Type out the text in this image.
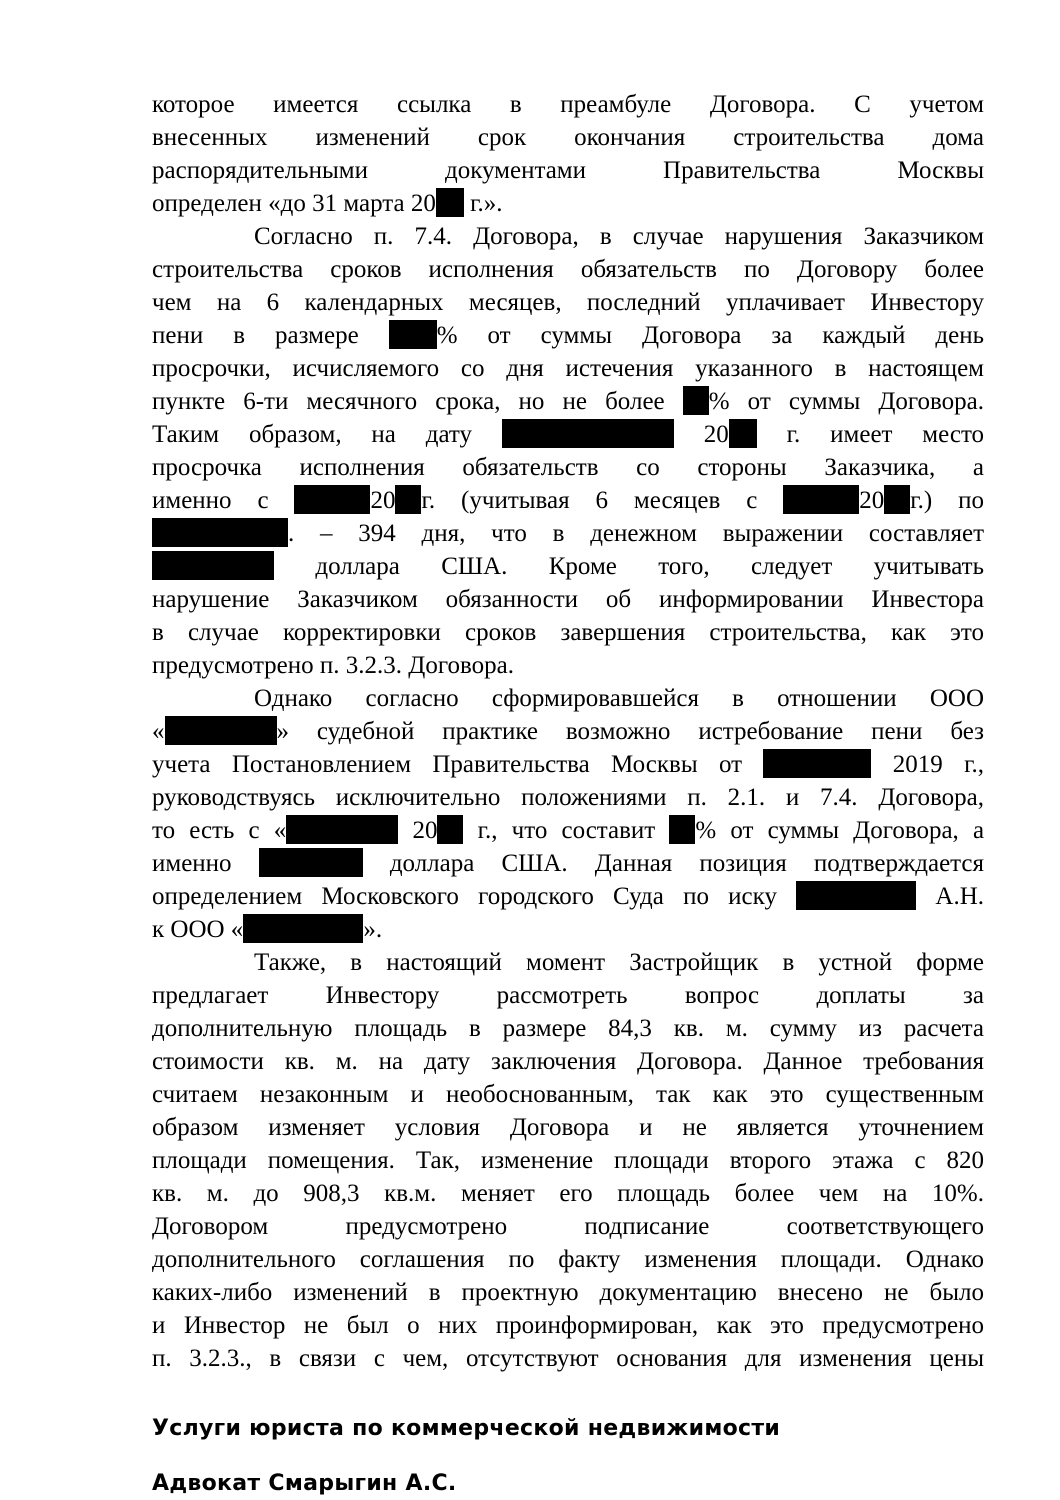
которое имеется ссылка в преамбуле Договора. С учетом
внесенных изменений срок окончания строительства дома
распорядительными документами Правительства Москвы
определен «до 31 марта 20 г.».
Согласно п. 7.4. Договора, в случае нарушения Заказчиком
строительства сроков исполнения обязательств по Договору более
чем на 6 календарных месяцев, последний уплачивает Инвестору
пени в размере	% от суммы Договора за каждый день
просрочки, исчисляемого со дня истечения указанного в настоящем
пункте 6-ти месячного срока, но не более % от суммы Договора.
Таким образом, на дату	20 г. имеет место
просрочка исполнения обязательств со стороны Заказчика, а
именно с	20 г. (учитывая 6 месяцев с	20 г.) по
. – 394 дня, что в денежном выражении составляет
доллара США. Кроме того, следует учитывать
нарушение Заказчиком обязанности об информировании Инвестора
в случае корректировки сроков завершения строительства, как это
предусмотрено п. 3.2.3. Договора.
Однако согласно сформировавшейся в отношении ООО
«	» судебной практике возможно истребование пени без
учета Постановлением Правительства Москвы от	2019 г.,
руководствуясь исключительно положениями п. 2.1. и 7.4. Договора,
то есть с «	20 г., что составит % от суммы Договора, а
именно	доллара США. Данная позиция подтверждается
определением Московского городского Суда по иску	А.Н.
к ООО «	».
Также, в настоящий момент Застройщик в устной форме
предлагает Инвестору рассмотреть вопрос доплаты за
дополнительную площадь в размере 84,3 кв. м. сумму из расчета
стоимости кв. м. на дату заключения Договора. Данное требования
считаем незаконным и необоснованным, так как это существенным
образом изменяет условия Договора и не является уточнением
площади помещения. Так, изменение площади второго этажа с 820
кв. м. до 908,3 кв.м. меняет его площадь более чем на 10%.
Договором предусмотрено подписание соответствующего
дополнительного соглашения по факту изменения площади. Однако
каких-либо изменений в проектную документацию внесено не было
и Инвестор не был о них проинформирован, как это предусмотрено
п. 3.2.3., в связи с чем, отсутствуют основания для изменения цены
Услуги юриста по коммерческой недвижимости
Адвокат Смарыгин А.С.
